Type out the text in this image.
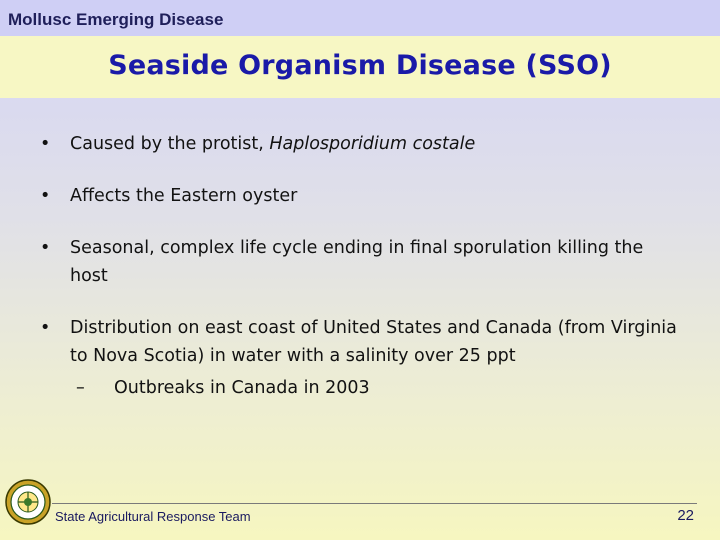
Mollusc Emerging Disease
Seaside Organism Disease (SSO)
• Caused by the protist, Haplosporidium costale
• Affects the Eastern oyster
• Seasonal, complex life cycle ending in final sporulation killing the host
• Distribution on east coast of United States and Canada (from Virginia to Nova Scotia) in water with a salinity over 25 ppt
– Outbreaks in Canada in 2003
State Agricultural Response Team	22
